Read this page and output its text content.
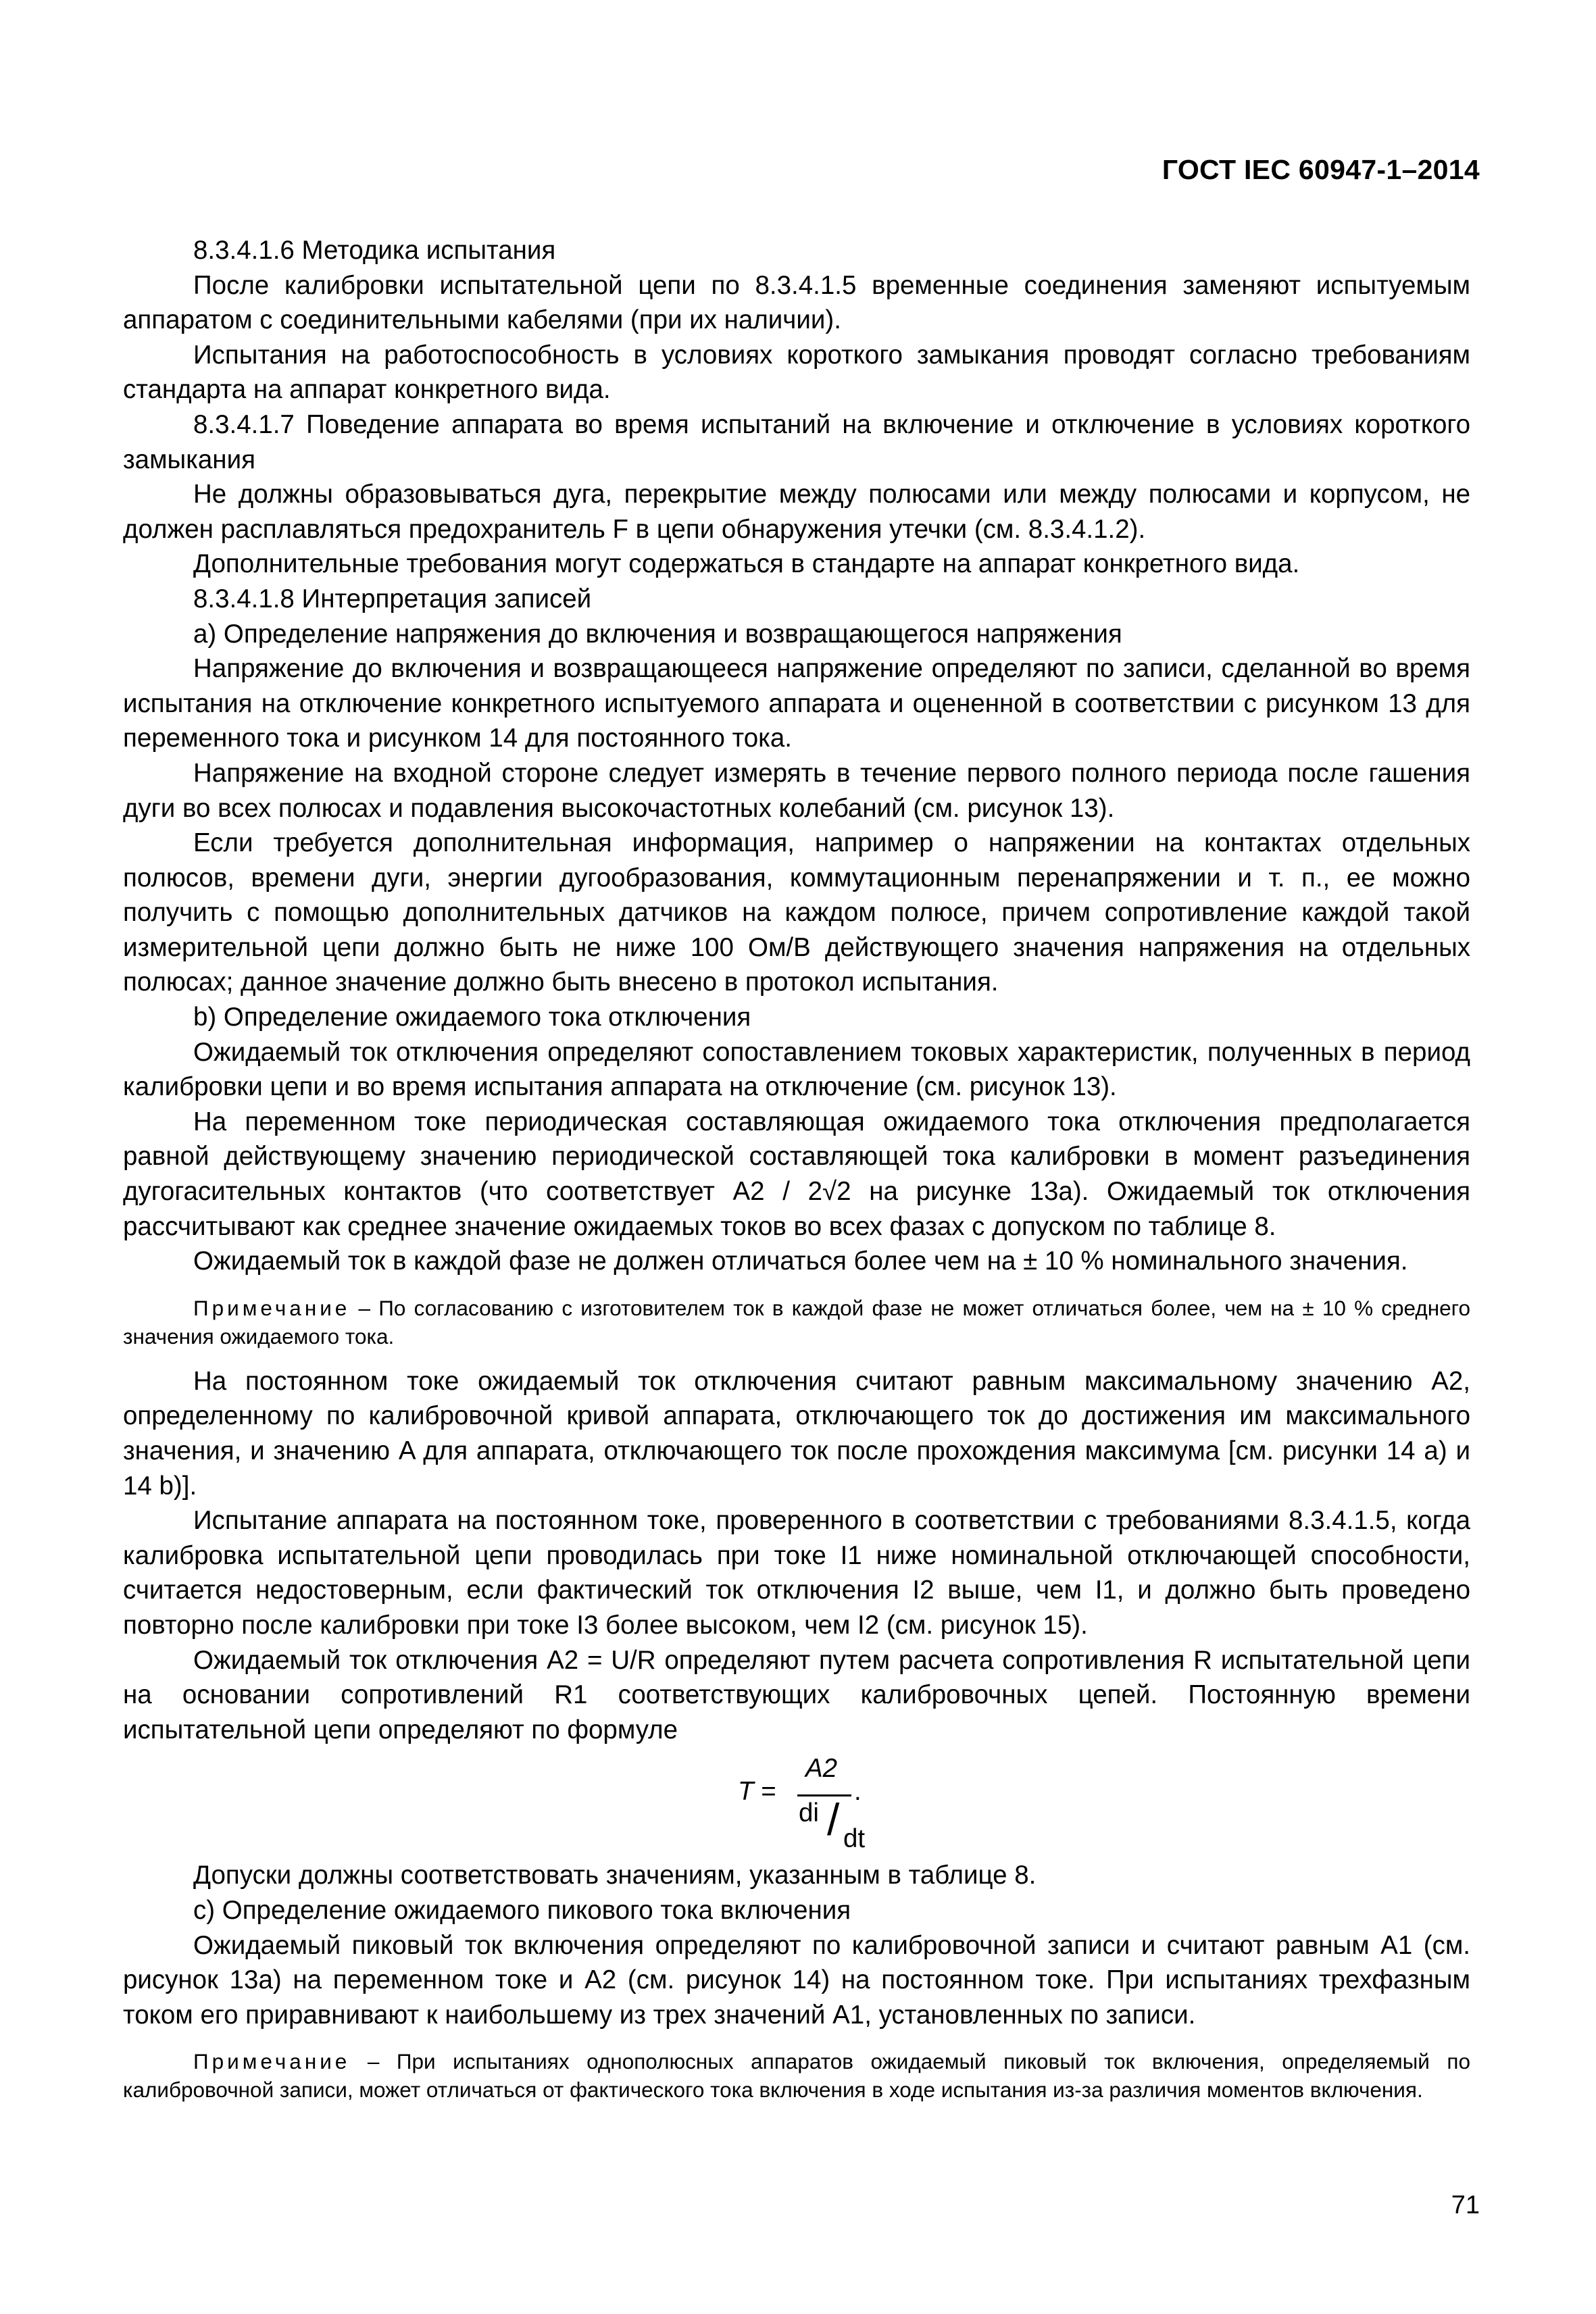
ГОСТ IEC 60947-1–2014

8.3.4.1.6 Методика испытания

После калибровки испытательной цепи по 8.3.4.1.5 временные соединения заменяют испытуемым аппаратом с соединительными кабелями (при их наличии).

Испытания на работоспособность в условиях короткого замыкания проводят согласно требованиям стандарта на аппарат конкретного вида.

8.3.4.1.7 Поведение аппарата во время испытаний на включение и отключение в условиях короткого замыкания

Не должны образовываться дуга, перекрытие между полюсами или между полюсами и корпусом, не должен расплавляться предохранитель F в цепи обнаружения утечки (см. 8.3.4.1.2).

Дополнительные требования могут содержаться в стандарте на аппарат конкретного вида.

8.3.4.1.8 Интерпретация записей

a) Определение напряжения до включения и возвращающегося напряжения

Напряжение до включения и возвращающееся напряжение определяют по записи, сделанной во время испытания на отключение конкретного испытуемого аппарата и оцененной в соответствии с рисунком 13 для переменного тока и рисунком 14 для постоянного тока.

Напряжение на входной стороне следует измерять в течение первого полного периода после гашения дуги во всех полюсах и подавления высокочастотных колебаний (см. рисунок 13).

Если требуется дополнительная информация, например о напряжении на контактах отдельных полюсов, времени дуги, энергии дугообразования, коммутационным перенапряжении и т. п., ее можно получить с помощью дополнительных датчиков на каждом полюсе, причем сопротивление каждой такой измерительной цепи должно быть не ниже 100 Ом/В действующего значения напряжения на отдельных полюсах; данное значение должно быть внесено в протокол испытания.

b) Определение ожидаемого тока отключения

Ожидаемый ток отключения определяют сопоставлением токовых характеристик, полученных в период калибровки цепи и во время испытания аппарата на отключение (см. рисунок 13).

На переменном токе периодическая составляющая ожидаемого тока отключения предполагается равной действующему значению периодической составляющей тока калибровки в момент разъединения дугогасительных контактов (что соответствует A2 / 2√2 на рисунке 13a). Ожидаемый ток отключения рассчитывают как среднее значение ожидаемых токов во всех фазах с допуском по таблице 8.

Ожидаемый ток в каждой фазе не должен отличаться более чем на ± 10 % номинального значения.

Примечание – По согласованию с изготовителем ток в каждой фазе не может отличаться более, чем на ± 10 % среднего значения ожидаемого тока.

На постоянном токе ожидаемый ток отключения считают равным максимальному значению A2, определенному по калибровочной кривой аппарата, отключающего ток до достижения им максимального значения, и значению A для аппарата, отключающего ток после прохождения максимума [см. рисунки 14 a) и 14 b)].

Испытание аппарата на постоянном токе, проверенного в соответствии с требованиями 8.3.4.1.5, когда калибровка испытательной цепи проводилась при токе I1 ниже номинальной отключающей способности, считается недостоверным, если фактический ток отключения I2 выше, чем I1, и должно быть проведено повторно после калибровки при токе I3 более высоком, чем I2 (см. рисунок 15).

Ожидаемый ток отключения A2 = U/R определяют путем расчета сопротивления R испытательной цепи на основании сопротивлений R1 соответствующих калибровочных цепей. Постоянную времени испытательной цепи определяют по формуле

T =
A2
.
di / dt

Допуски должны соответствовать значениям, указанным в таблице 8.

c) Определение ожидаемого пикового тока включения

Ожидаемый пиковый ток включения определяют по калибровочной записи и считают равным A1 (см. рисунок 13a) на переменном токе и A2 (см. рисунок 14) на постоянном токе. При испытаниях трехфазным током его приравнивают к наибольшему из трех значений A1, установленных по записи.

Примечание – При испытаниях однополюсных аппаратов ожидаемый пиковый ток включения, определяемый по калибровочной записи, может отличаться от фактического тока включения в ходе испытания из-за различия моментов включения.

71
